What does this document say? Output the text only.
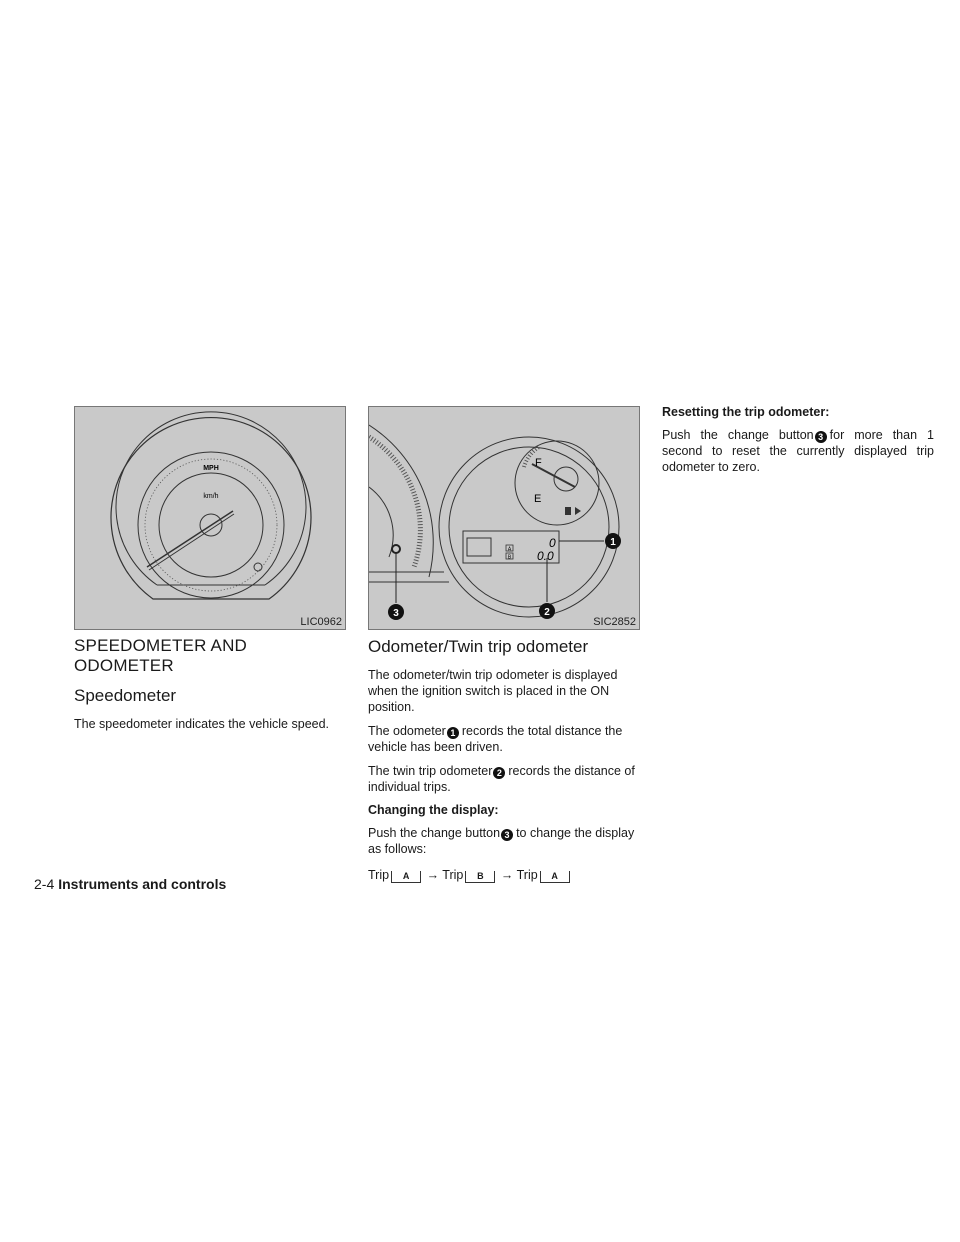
MPH
km/h
LIC0962
F
E
A
B
0
0.0
1
2
3
SIC2852
SPEEDOMETER AND ODOMETER
Speedometer

The speedometer indicates the vehicle speed.

Odometer/Twin trip odometer

The odometer/twin trip odometer is displayed when the ignition switch is placed in the ON position.

The odometer 1 records the total distance the vehicle has been driven.

The twin trip odometer 2 records the distance of individual trips.

Changing the display:

Push the change button 3 to change the display as follows:

Trip A → Trip B → Trip A

Resetting the trip odometer:

Push the change button 3 for more than 1 second to reset the currently displayed trip odometer to zero.

2-4 Instruments and controls
